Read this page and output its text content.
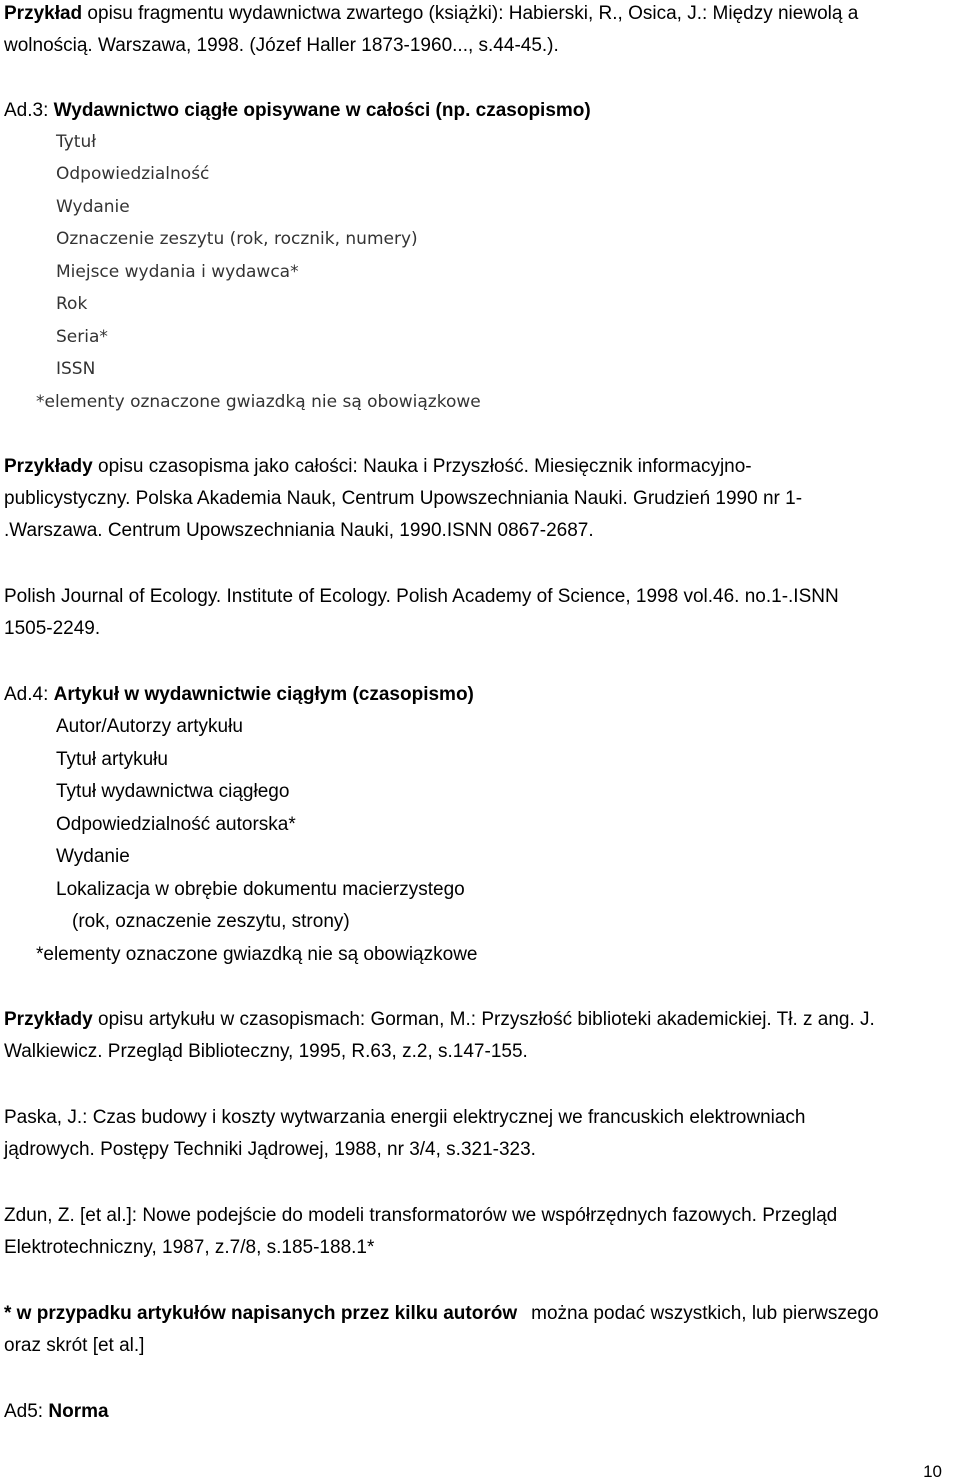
Przykład opisu fragmentu wydawnictwa zwartego (książki): Habierski, R., Osica, J.: Między niewolą a
wolnością. Warszawa, 1998. (Józef Haller 1873-1960..., s.44-45.).
Ad.3: Wydawnictwo ciągłe opisywane w całości (np. czasopismo)
Tytuł
Odpowiedzialność
Wydanie
Oznaczenie zeszytu (rok, rocznik, numery)
Miejsce wydania i wydawca*
Rok
Seria*
ISSN
*elementy oznaczone gwiazdką nie są obowiązkowe
Przykłady opisu czasopisma jako całości: Nauka i Przyszłość. Miesięcznik informacyjno-
publicystyczny. Polska Akademia Nauk, Centrum Upowszechniania Nauki. Grudzień 1990 nr 1-
.Warszawa. Centrum Upowszechniania Nauki, 1990.ISNN 0867-2687.
Polish Journal of Ecology. Institute of Ecology. Polish Academy of Science, 1998 vol.46. no.1-.ISNN
1505-2249.
Ad.4: Artykuł w wydawnictwie ciągłym (czasopismo)
Autor/Autorzy artykułu
Tytuł artykułu
Tytuł wydawnictwa ciągłego
Odpowiedzialność autorska*
Wydanie
Lokalizacja w obrębie dokumentu macierzystego
(rok, oznaczenie zeszytu, strony)
*elementy oznaczone gwiazdką nie są obowiązkowe
Przykłady opisu artykułu w czasopismach: Gorman, M.: Przyszłość biblioteki akademickiej. Tł. z ang. J.
Walkiewicz. Przegląd Biblioteczny, 1995, R.63, z.2, s.147-155.
Paska, J.: Czas budowy i koszty wytwarzania energii elektrycznej we francuskich elektrowniach
jądrowych. Postępy Techniki Jądrowej, 1988, nr 3/4, s.321-323.
Zdun, Z. [et al.]: Nowe podejście do modeli transformatorów we współrzędnych fazowych. Przegląd
Elektrotechniczny, 1987, z.7/8, s.185-188.1*
* w przypadku artykułów napisanych przez kilku autorów można podać wszystkich, lub pierwszego
oraz skrót [et al.]
Ad5: Norma
10
